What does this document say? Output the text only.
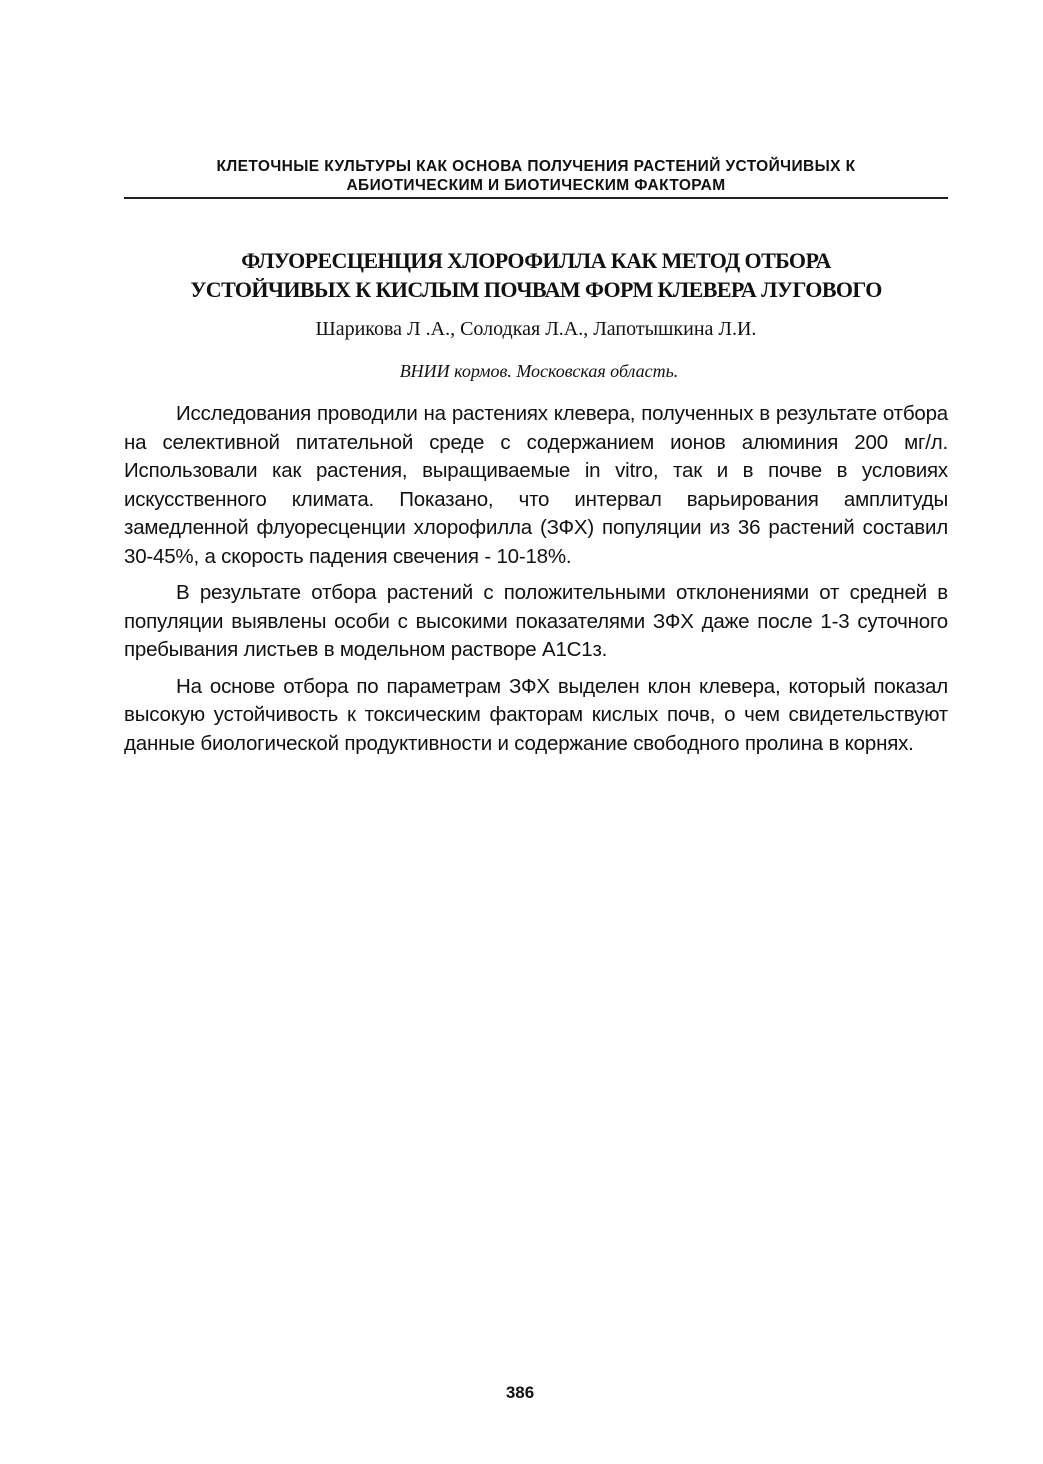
КЛЕТОЧНЫЕ КУЛЬТУРЫ КАК ОСНОВА ПОЛУЧЕНИЯ РАСТЕНИЙ УСТОЙЧИВЫХ К
АБИОТИЧЕСКИМ И БИОТИЧЕСКИМ ФАКТОРАМ
ФЛУОРЕСЦЕНЦИЯ ХЛОРОФИЛЛА КАК МЕТОД ОТБОРА
УСТОЙЧИВЫХ К КИСЛЫМ ПОЧВАМ ФОРМ КЛЕВЕРА ЛУГОВОГО
Шарикова Л .А., Солодкая Л.А., Лапотышкина Л.И.
ВНИИ кормов. Московская область.

Исследования проводили на растениях клевера, полученных в результате отбора на селективной питательной среде с содержанием ионов алюминия 200 мг/л. Использовали как растения, выращиваемые in vitro, так и в почве в условиях искусственного климата. Показано, что интервал варьирования амплитуды замедленной флуоресценции хлорофилла (ЗФХ) популяции из 36 растений составил 30-45%, а скорость падения свечения - 10-18%.

В результате отбора растений с положительными отклонениями от средней в популяции выявлены особи с высокими показателями ЗФХ даже после 1-3 суточного пребывания листьев в модельном растворе А1С1з.

На основе отбора по параметрам ЗФХ выделен клон клевера, который показал высокую устойчивость к токсическим факторам кислых почв, о чем свидетельствуют данные биологической продуктивности и содержание свободного пролина в корнях.

386
